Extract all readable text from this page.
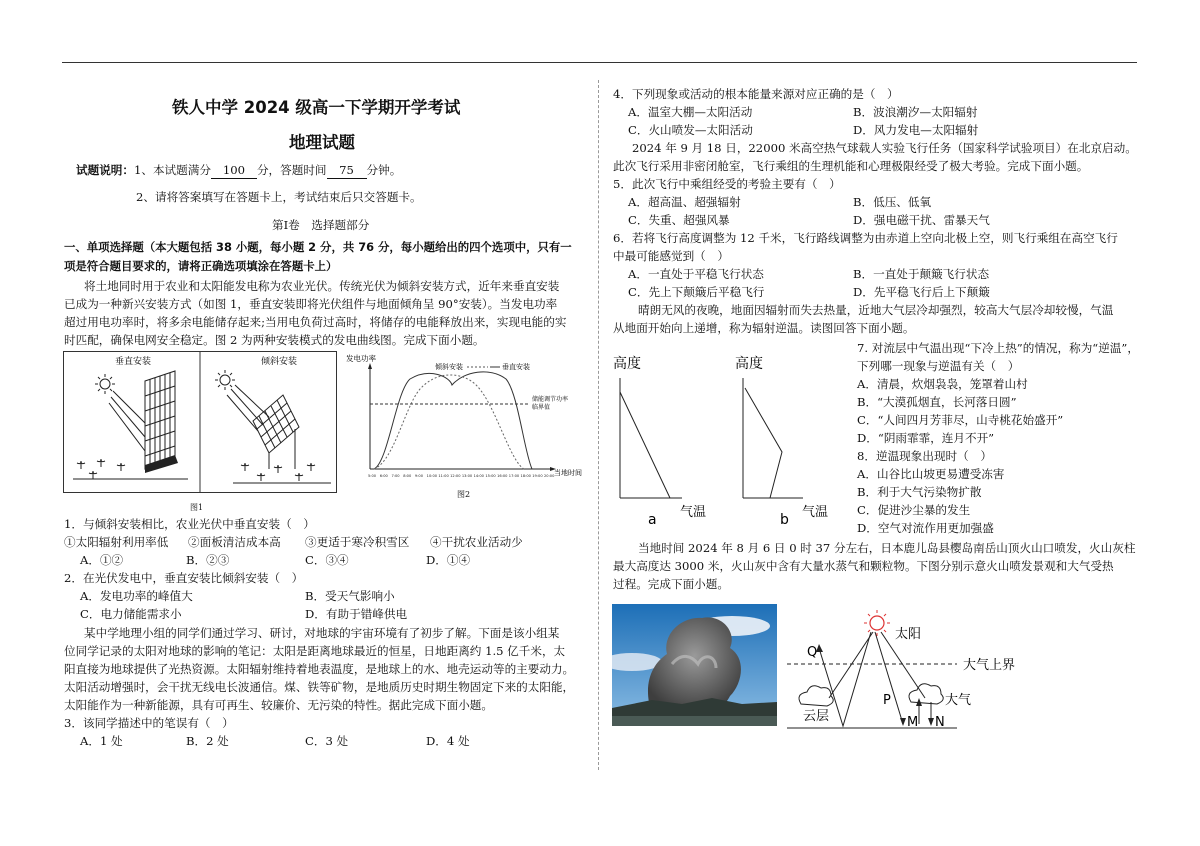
铁人中学 2024 级高一下学期开学考试
地理试题
试题说明：1、本试题满分 100 分，答题时间 75 分钟。
2、请将答案填写在答题卡上，考试结束后只交答题卡。
第Ⅰ卷　选择题部分
一、单项选择题（本大题包括 38 小题，每小题 2 分，共 76 分，每小题给出的四个选项中，只有一
项是符合题目要求的，请将正确选项填涂在答题卡上）
将土地同时用于农业和太阳能发电称为农业光伏。传统光伏为倾斜安装方式，近年来垂直安装
已成为一种新兴安装方式（如图 1，垂直安装即将光伏组件与地面倾角呈 90°安装）。当发电功率
超过用电功率时，将多余电能储存起来;当用电负荷过高时，将储存的电能释放出来，实现电能的实
时匹配，确保电网安全稳定。图 2 为两种安装模式的发电曲线图。完成下面小题。
垂直安装	倾斜安装
图1
发电功率
当地时间
倾斜安装	垂直安装
储能调节功率
临界值
5:00 6:00 7:00 8:00 9:00 10:00 11:00 12:00 13:00 14:00 15:00 16:00 17:00 18:00 19:00 20:00
图2
1．与倾斜安装相比，农业光伏中垂直安装（　）
①太阳辐射利用率低 ②面板清洁成本高 ③更适于寒冷积雪区 ④干扰农业活动少
A．①②	B．②③	C．③④	D．①④
2．在光伏发电中，垂直安装比倾斜安装（　）
A．发电功率的峰值大	B．受天气影响小
C．电力储能需求小	D．有助于错峰供电
某中学地理小组的同学们通过学习、研讨，对地球的宇宙环境有了初步了解。下面是该小组某
位同学记录的太阳对地球的影响的笔记：太阳是距离地球最近的恒星，日地距离约 1.5 亿千米，太
阳直接为地球提供了光热资源。太阳辐射维持着地表温度，是地球上的水、地壳运动等的主要动力。
太阳活动增强时，会干扰无线电长波通信。煤、铁等矿物，是地质历史时期生物固定下来的太阳能，
太阳能作为一种新能源，具有可再生、较廉价、无污染的特性。据此完成下面小题。
3．该同学描述中的笔误有（　）
A．1 处	B．2 处	C．3 处	D．4 处
4．下列现象或活动的根本能量来源对应正确的是（　）
A．温室大棚—太阳活动	B．波浪潮汐—太阳辐射
C．火山喷发—太阳活动	D．风力发电—太阳辐射
2024 年 9 月 18 日，22000 米高空热气球载人实验飞行任务（国家科学试验项目）在北京启动。
此次飞行采用非密闭舱室，飞行乘组的生理机能和心理极限经受了极大考验。完成下面小题。
5．此次飞行中乘组经受的考验主要有（　）
A．超高温、超强辐射	B．低压、低氧
C．失重、超强风暴	D．强电磁干扰、雷暴天气
6．若将飞行高度调整为 12 千米，飞行路线调整为由赤道上空向北极上空，则飞行乘组在高空飞行
中最可能感觉到（　）
A．一直处于平稳飞行状态	B．一直处于颠簸飞行状态
C．先上下颠簸后平稳飞行	D．先平稳飞行后上下颠簸
晴朗无风的夜晚，地面因辐射而失去热量，近地大气层冷却强烈，较高大气层冷却较慢，气温
从地面开始向上递增，称为辐射逆温。读图回答下面小题。
高度
a 气温
高度
b 气温
7. 对流层中气温出现“下冷上热”的情况，称为“逆温”，
下列哪一现象与逆温有关（　）
A．清晨，炊烟袅袅，笼罩着山村
B．“大漠孤烟直，长河落日圆”
C．“人间四月芳菲尽，山寺桃花始盛开”
D．“阴雨霏霏，连月不开”
8．逆温现象出现时（　）
A．山谷比山坡更易遭受冻害
B．利于大气污染物扩散
C．促进沙尘暴的发生
D．空气对流作用更加强盛
当地时间 2024 年 8 月 6 日 0 时 37 分左右，日本鹿儿岛县樱岛南岳山顶火山口喷发，火山灰柱
最大高度达 3000 米，火山灰中含有大量水蒸气和颗粒物。下图分别示意火山喷发景观和大气受热
过程。完成下面小题。
太阳
大气上界
Q
云层
大气
P
M N
